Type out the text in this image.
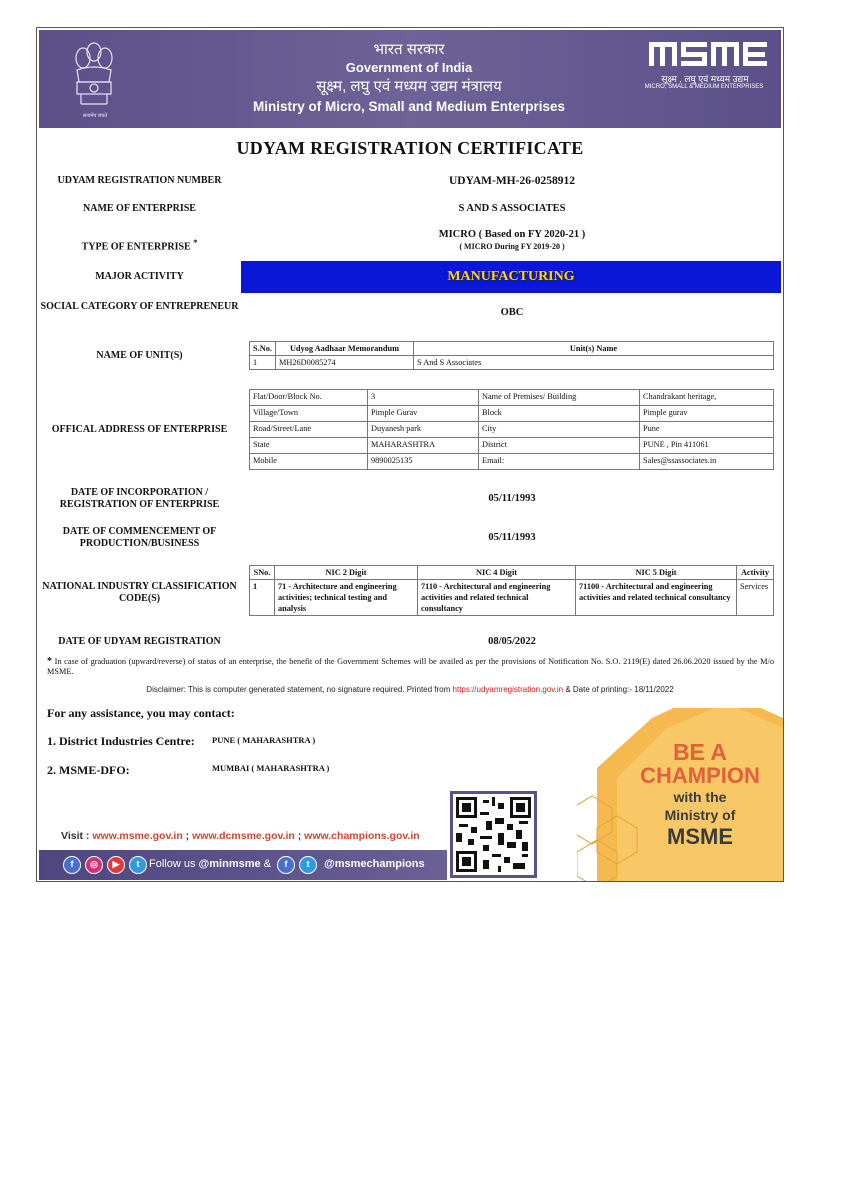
सत्यमेव जयते
भारत सरकार
Government of India
सूक्ष्म, लघु एवं मध्यम उद्यम मंत्रालय
Ministry of Micro, Small and Medium Enterprises
सूक्ष्म , लघु एवं मध्यम उद्यम
MICRO, SMALL & MEDIUM ENTERPRISES
UDYAM REGISTRATION CERTIFICATE
UDYAM REGISTRATION NUMBER	UDYAM-MH-26-0258912
NAME OF ENTERPRISE	S AND S ASSOCIATES
TYPE OF ENTERPRISE *
MICRO ( Based on FY 2020-21 )
( MICRO During FY 2019-20 )
MAJOR ACTIVITY	MANUFACTURING
SOCIAL CATEGORY OF ENTREPRENEUR
OBC
NAME OF UNIT(S)
S.No.	Udyog Aadhaar Memorandum	Unit(s) Name
1	MH26D0085274	S And S Associates
OFFICAL ADDRESS OF ENTERPRISE
Flat/Door/Block No.	3	Name of Premises/ Building	Chandrakant heritage,
Village/Town	Pimple Gurav	Block	Pimple gurav
Road/Street/Lane	Duyanesh park	City	Pune
State	MAHARASHTRA	District	PUNE , Pin 411061
Mobile	9890025135	Email:	Sales@ssassociates.in
DATE OF INCORPORATION / REGISTRATION OF ENTERPRISE
05/11/1993
DATE OF COMMENCEMENT OF PRODUCTION/BUSINESS
05/11/1993
NATIONAL INDUSTRY CLASSIFICATION CODE(S)
SNo.	NIC 2 Digit	NIC 4 Digit	NIC 5 Digit	Activity
1	71 - Architecture and engineering activities; technical testing and analysis	7110 - Architectural and engineering activities and related technical consultancy	71100 - Architectural and engineering activities and related technical consultancy	Services
DATE OF UDYAM REGISTRATION	08/05/2022
* In case of graduation (upward/reverse) of status of an enterprise, the benefit of the Government Schemes will be availed as per the provisions of Notification No. S.O. 2119(E) dated 26.06.2020 issued by the M/o MSME.
Disclaimer: This is computer generated statement, no signature required. Printed from https://udyamregistration.gov.in & Date of printing:- 18/11/2022
For any assistance, you may contact:
1. District Industries Centre: PUNE ( MAHARASHTRA )
2. MSME-DFO:	MUMBAI ( MAHARASHTRA )
BE A
CHAMPION
with the
Ministry of
MSME
Visit : www.msme.gov.in ; www.dcmsme.gov.in ; www.champions.gov.in
f	◎	▶	t Follow us @minmsme &	f	t	@msmechampions
